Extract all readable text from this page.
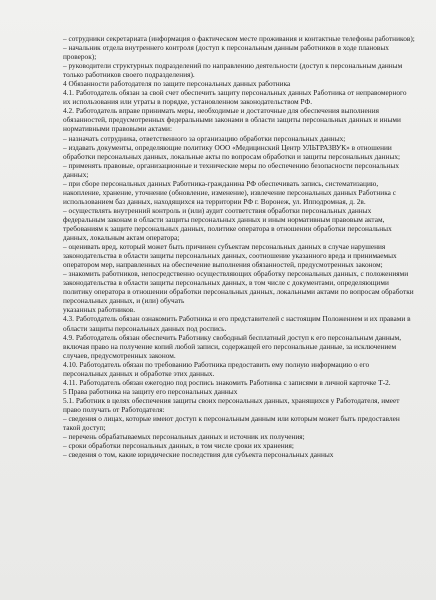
– сотрудники секретариата (информация о фактическом месте проживания и контактные телефоны работников);

– начальник отдела внутреннего контроля (доступ к персональным данным работников в ходе плановых проверок);

– руководители структурных подразделений по направлению деятельности (доступ к персональным данным только работников своего подразделения).

4 Обязанности работодателя по защите персональных данных работника

4.1. Работодатель обязан за свой счет обеспечить защиту персональных данных Работника от неправомерного их использования или утраты в порядке, установленном законодательством РФ.

4.2. Работодатель вправе принимать меры, необходимые и достаточные для обеспечения выполнения обязанностей, предусмотренных федеральными законами в области защиты персональных данных и иными нормативными правовыми актами:

– назначать сотрудника, ответственного за организацию обработки персональных данных;

– издавать документы, определяющие политику ООО «Медицинский Центр УЛЬТРАЗВУК» в отношении обработки персональных данных, локальные акты по вопросам обработки и защиты персональных данных;

– применять правовые, организационные и технические меры по обеспечению безопасности персональных данных;

– при сборе персональных данных Работника-гражданина РФ обеспечивать запись, систематизацию, накопление, хранение, уточнение (обновление, изменение), извлечение персональных данных Работника с использованием баз данных, находящихся на территории РФ г. Воронеж, ул. Ипподромная, д. 2в.

– осуществлять внутренний контроль и (или) аудит соответствия обработки персональных данных федеральным законам в области защиты персональных данных и иным нормативным правовым актам, требованиям к защите персональных данных, политике оператора в отношении обработки персональных данных, локальным актам оператора;

– оценивать вред, который может быть причинен субъектам персональных данных в случае нарушения законодательства в области защиты персональных данных, соотношение указанного вреда и принимаемых оператором мер, направленных на обеспечение выполнения обязанностей, предусмотренных законом;

– знакомить работников, непосредственно осуществляющих обработку персональных данных, с положениями законодательства в области защиты персональных данных, в том числе с документами, определяющими политику оператора в отношении обработки персональных данных, локальными актами по вопросам обработки персональных данных, и (или) обучать

указанных работников.

4.3. Работодатель обязан ознакомить Работника и его представителей с настоящим Положением и их правами в области защиты персональных данных под роспись.

4.9. Работодатель обязан обеспечить Работнику свободный бесплатный доступ к его персональным данным, включая право на получение копий любой записи, содержащей его персональные данные, за исключением случаев, предусмотренных законом.

4.10. Работодатель обязан по требованию Работника предоставить ему полную информацию о его персональных данных и обработке этих данных.

4.11. Работодатель обязан ежегодно под роспись знакомить Работника с записями в личной карточке Т-2.

5 Права работника на защиту его персональных данных

5.1. Работник в целях обеспечения защиты своих персональных данных, хранящихся у Работодателя, имеет право получать от Работодателя:

– сведения о лицах, которые имеют доступ к персональным данным или которым может быть предоставлен такой доступ;

– перечень обрабатываемых персональных данных и источник их получения;

– сроки обработки персональных данных, в том числе сроки их хранения;

– сведения о том, какие юридические последствия для субъекта персональных данных
